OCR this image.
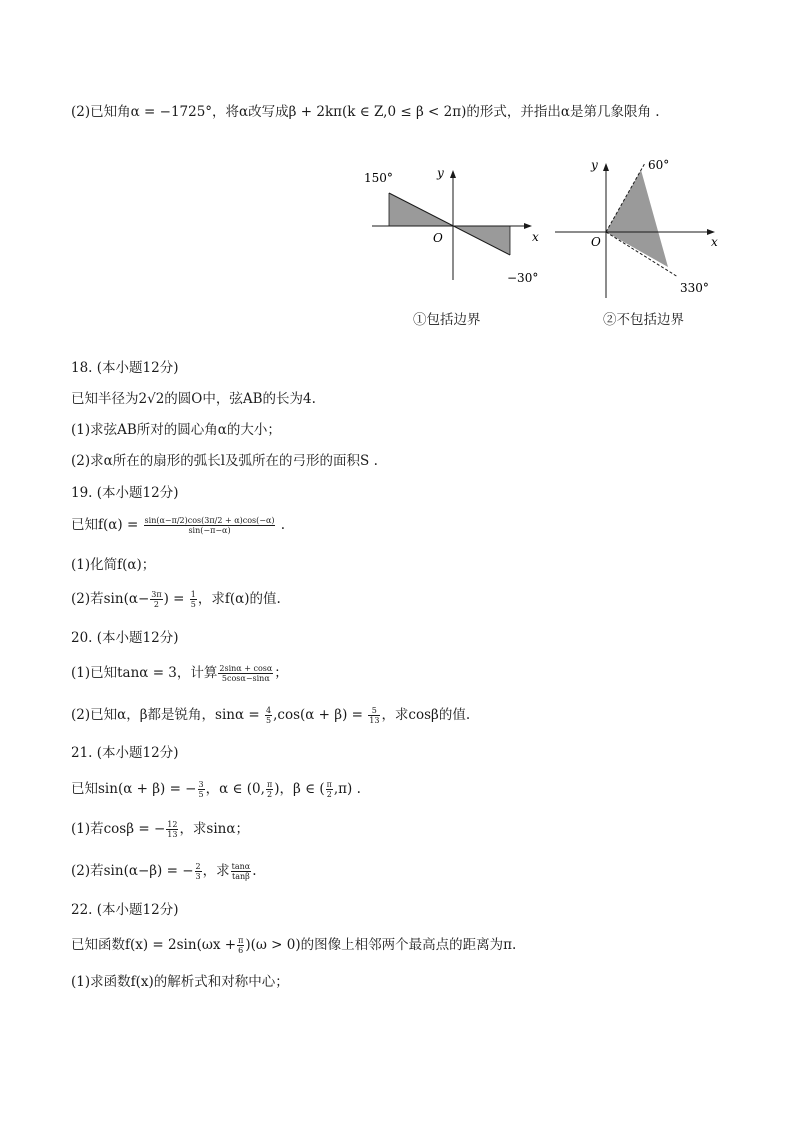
(2)已知角α = −1725°，将α改写成β + 2kπ(k ∈ Z,0 ≤ β < 2π)的形式，并指出α是第几象限角 .
150°
−30°
x
y
O
①包括边界
60°
330°
x
y
O
②不包括边界
18. (本小题12分)
已知半径为2√2的圆O中，弦AB的长为4.
(1)求弦AB所对的圆心角α的大小；
(2)求α所在的扇形的弧长l及弧所在的弓形的面积S .
19. (本小题12分)
已知$f(\alpha) = \frac{\sin(\alpha-\pi/2)\cos(3\pi/2 + \alpha)\cos(-\alpha)}{\sin(-\pi-\alpha)}$ .
(1)化简f(α)；
(2)若$\sin(\alpha- \frac{3\pi}{2}$ ) = $\frac{1}{5}$ ，求f(α)的值.
20. (本小题12分)
(1)已知tanα = 3，计算 $\frac{2\sin\alpha + \cos\alpha}{5\cos\alpha-\sin\alpha}$ ；
(2)已知α，β都是锐角，$\sin\alpha = \frac{4}{5} ,\cos(\alpha + \beta) = \frac{5}{13}$ ，求cosβ的值.
21. (本小题12分)
已知sin(α + β) = − $\frac{3}{5}$ ，α ∈ (0, $\frac{\pi}{2}$ )，β ∈ ( $\frac{\pi}{2} ,\pi$) .
(1)若cosβ = − $\frac{12}{13}$ ，求sinα；
(2)若sin(α−β) = − $\frac{2}{3}$ ，求 $\frac{\tan\alpha}{\tan\beta}$ .
22. (本小题12分)
已知函数$f(x) = 2\sin(\omega x + \frac{\pi}{6} )(\omega > 0)$的图像上相邻两个最高点的距离为π.
(1)求函数f(x)的解析式和对称中心；
